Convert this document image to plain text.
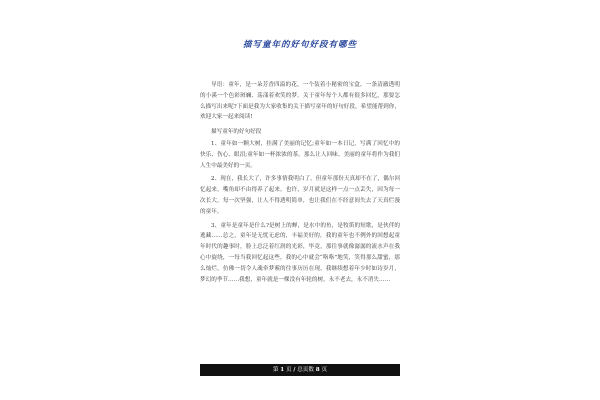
描写童年的好句好段有哪些

导语：童年，是一朵芳香四溢的花，一个装着小秘密的宝盒，一条清澈透明的小溪一个色彩斑斓、荡漾着欢笑的梦。关于童年每个人都有很多回忆，那要怎么描写出来呢?下面是我为大家收集的关于描写童年的好句好段，希望能帮到你，欢迎大家一起来阅读!

描写童年的好句好段

1、童年如一颗大树，挂满了美丽的记忆;童年如一本日记，写满了回忆中的快乐、伤心、眼泪;童年如一杯浓浓的茶，那么让人回味。美丽的童年将作为我们人生中最美好的一页。

2、现在，我长大了，许多事情我明白了。但童年那份天真却不在了，偶尔回忆起来，嘴角却不由得养了起来。也许，岁月就是这样一点一点丢失，因为每一次长大，每一次坚强，让人不得透明简单，也让我们在不经意间失去了天真烂漫的童年。

3、童年是童年是什么?是树上的蝉，是水中的鱼，是牧笛的短歌，是伙伴的逃藏……总之，童年是无忧无虑的，丰福美好的，我的童年也不例外的回想起童年时代的趣事时，脸上总泛着红润的光彩，毕竟，那往事就像潺潺的流水声在我心中旋绕，一每当我回忆起这些，我的心中就会“咯咯”地笑，笑得那么甜蜜，那么灿烂，仿佛一切令人魂牵梦萦的往事历历在现，我继续想着年少时如诗岁月，梦幻的季节……我想，童年就是一棵没有年轮的树，永不老去，永不消失……

第 1 页 / 总页数 8 页
